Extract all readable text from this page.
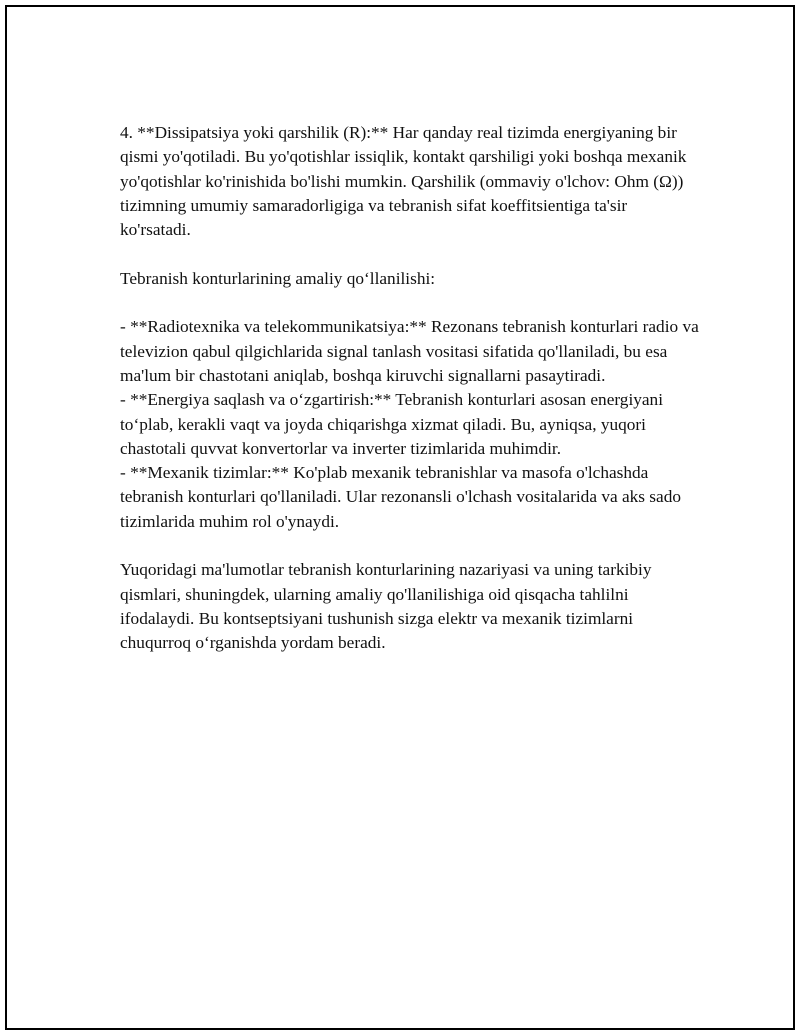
4. **Dissipatsiya yoki qarshilik (R):** Har qanday real tizimda energiyaning bir qismi yo'qotiladi. Bu yo'qotishlar issiqlik, kontakt qarshiligi yoki boshqa mexanik yo'qotishlar ko'rinishida bo'lishi mumkin. Qarshilik (ommaviy o'lchov: Ohm (Ω)) tizimning umumiy samaradorligiga va tebranish sifat koeffitsientiga ta'sir ko'rsatadi.

Tebranish konturlarining amaliy qo‘llanilishi:

- **Radiotexnika va telekommunikatsiya:** Rezonans tebranish konturlari radio va televizion qabul qilgichlarida signal tanlash vositasi sifatida qo'llaniladi, bu esa ma'lum bir chastotani aniqlab, boshqa kiruvchi signallarni pasaytiradi.

- **Energiya saqlash va o‘zgartirish:** Tebranish konturlari asosan energiyani to‘plab, kerakli vaqt va joyda chiqarishga xizmat qiladi. Bu, ayniqsa, yuqori chastotali quvvat konvertorlar va inverter tizimlarida muhimdir.

- **Mexanik tizimlar:** Ko'plab mexanik tebranishlar va masofa o'lchashda tebranish konturlari qo'llaniladi. Ular rezonansli o'lchash vositalarida va aks sado tizimlarida muhim rol o'ynaydi.

Yuqoridagi ma'lumotlar tebranish konturlarining nazariyasi va uning tarkibiy qismlari, shuningdek, ularning amaliy qo'llanilishiga oid qisqacha tahlilni ifodalaydi. Bu kontseptsiyani tushunish sizga elektr va mexanik tizimlarni chuqurroq o‘rganishda yordam beradi.
